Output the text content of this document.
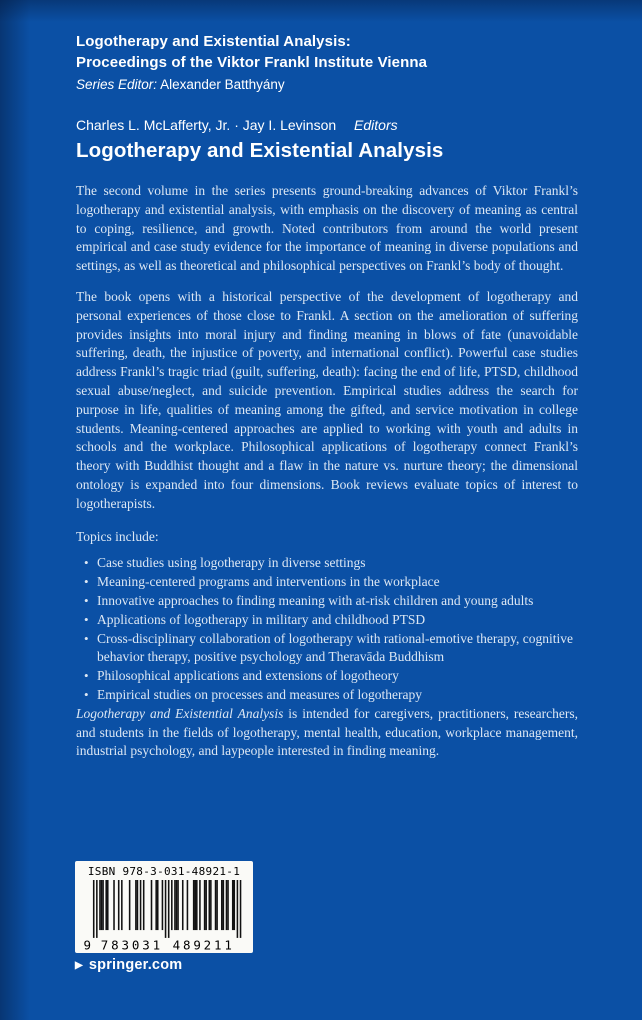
Logotherapy and Existential Analysis:
Proceedings of the Viktor Frankl Institute Vienna
Series Editor: Alexander Batthyány
Charles L. McLafferty, Jr. · Jay I. Levinson Editors
Logotherapy and Existential Analysis

The second volume in the series presents ground-breaking advances of Viktor Frankl’s logotherapy and existential analysis, with emphasis on the discovery of meaning as central to coping, resilience, and growth. Noted contributors from around the world present empirical and case study evidence for the importance of meaning in diverse populations and settings, as well as theoretical and philosophical perspectives on Frankl’s body of thought.

The book opens with a historical perspective of the development of logotherapy and personal experiences of those close to Frankl. A section on the amelioration of suffering provides insights into moral injury and finding meaning in blows of fate (unavoidable suffering, death, the injustice of poverty, and international conflict). Powerful case studies address Frankl’s tragic triad (guilt, suffering, death): facing the end of life, PTSD, childhood sexual abuse/neglect, and suicide prevention. Empirical studies address the search for purpose in life, qualities of meaning among the gifted, and service motivation in college students. Meaning-centered approaches are applied to working with youth and adults in schools and the workplace. Philosophical applications of logotherapy connect Frankl’s theory with Buddhist thought and a flaw in the nature vs. nurture theory; the dimensional ontology is expanded into four dimensions. Book reviews evaluate topics of interest to logotherapists.

Topics include:
• Case studies using logotherapy in diverse settings
• Meaning-centered programs and interventions in the workplace
• Innovative approaches to finding meaning with at-risk children and young adults
• Applications of logotherapy in military and childhood PTSD
• Cross-disciplinary collaboration of logotherapy with rational-emotive therapy, cognitive behavior therapy, positive psychology and Theravāda Buddhism
• Philosophical applications and extensions of logotheory
• Empirical studies on processes and measures of logotherapy

Logotherapy and Existential Analysis is intended for caregivers, practitioners, researchers, and students in the fields of logotherapy, mental health, education, workplace management, industrial psychology, and laypeople interested in finding meaning.

ISBN 978-3-031-48921-1
9 783031 489211
▶ springer.com
